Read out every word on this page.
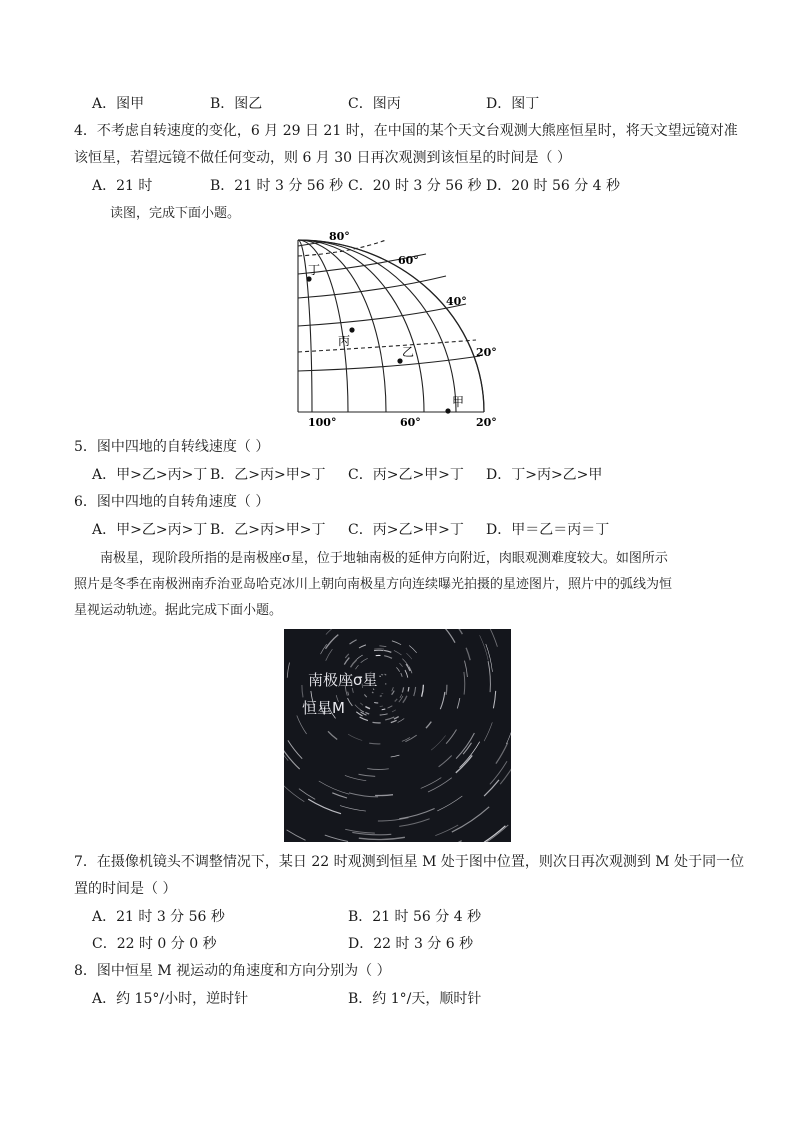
A．图甲	B．图乙	C．图丙	D．图丁
4．不考虑自转速度的变化，6 月 29 日 21 时，在中国的某个天文台观测大熊座恒星时，将天文望远镜对准
该恒星，若望远镜不做任何变动，则 6 月 30 日再次观测到该恒星的时间是（ ）
A．21 时	B．21 时 3 分 56 秒 C．20 时 3 分 56 秒 D．20 时 56 分 4 秒
读图，完成下面小题。
80°
60°
40°
20°
100°	60°	20°
丁
丙
乙
甲
5．图中四地的自转线速度（ ）
A．甲>乙>丙>丁 B．乙>丙>甲>丁 C．丙>乙>甲>丁 D．丁>丙>乙>甲
6．图中四地的自转角速度（ ）
A．甲>乙>丙>丁 B．乙>丙>甲>丁 C．丙>乙>甲>丁 D．甲＝乙＝丙＝丁
南极星，现阶段所指的是南极座σ星，位于地轴南极的延伸方向附近，肉眼观测难度较大。如图所示
照片是冬季在南极洲南乔治亚岛哈克冰川上朝向南极星方向连续曝光拍摄的星迹图片，照片中的弧线为恒
星视运动轨迹。据此完成下面小题。
南极座σ星
恒星M
7．在摄像机镜头不调整情况下，某日 22 时观测到恒星 M 处于图中位置，则次日再次观测到 M 处于同一位
置的时间是（ ）
A．21 时 3 分 56 秒	B．21 时 56 分 4 秒
C．22 时 0 分 0 秒	D．22 时 3 分 6 秒
8．图中恒星 M 视运动的角速度和方向分别为（ ）
A．约 15°/小时，逆时针	B．约 1°/天，顺时针
